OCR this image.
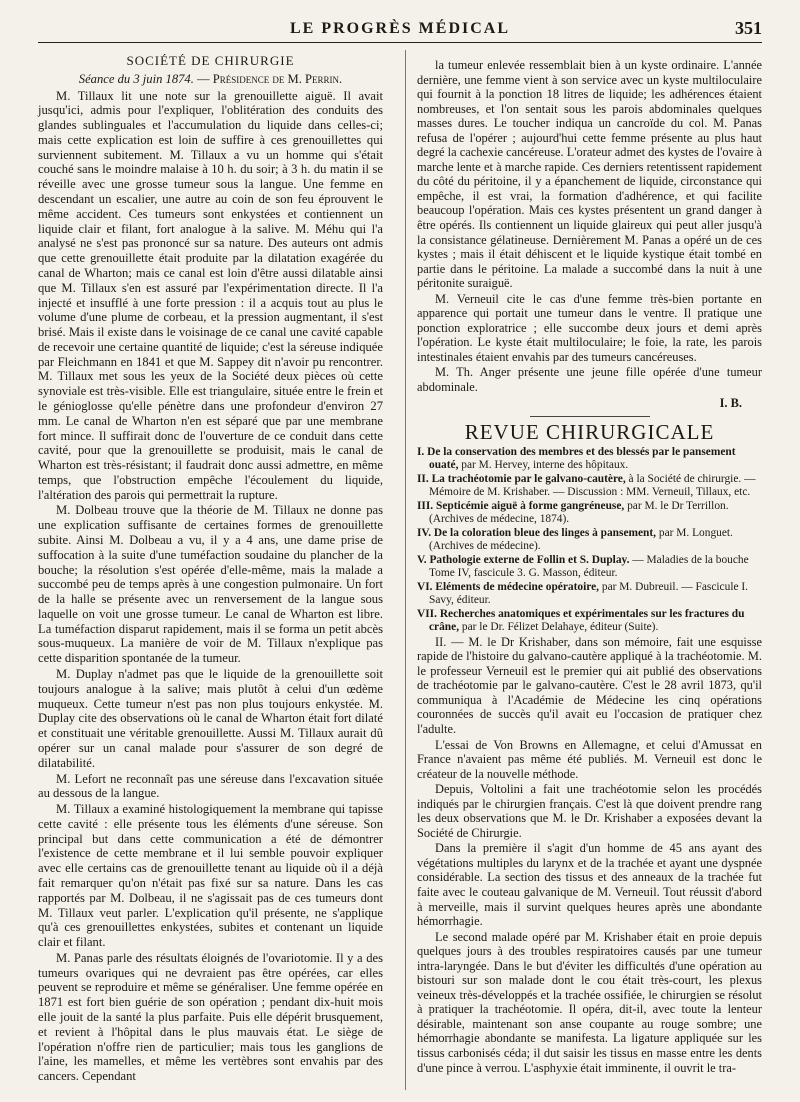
LE PROGRÈS MÉDICAL	351

SOCIÉTÉ DE CHIRURGIE

Séance du 3 juin 1874. — Présidence de M. Perrin.

M. Tillaux lit une note sur la grenouillette aiguë. Il avait jusqu'ici, admis pour l'expliquer, l'oblitération des conduits des glandes sublinguales et l'accumulation du liquide dans celles-ci; mais cette explication est loin de suffire à ces grenouillettes qui surviennent subitement. M. Tillaux a vu un homme qui s'était couché sans le moindre malaise à 10 h. du soir; à 3 h. du matin il se réveille avec une grosse tumeur sous la langue. Une femme en descendant un escalier, une autre au coin de son feu éprouvent le même accident. Ces tumeurs sont enkystées et contiennent un liquide clair et filant, fort analogue à la salive. M. Méhu qui l'a analysé ne s'est pas prononcé sur sa nature. Des auteurs ont admis que cette grenouillette était produite par la dilatation exagérée du canal de Wharton; mais ce canal est loin d'être aussi dilatable ainsi que M. Tillaux s'en est assuré par l'expérimentation directe. Il l'a injecté et insufflé à une forte pression : il a acquis tout au plus le volume d'une plume de corbeau, et la pression augmentant, il s'est brisé. Mais il existe dans le voisinage de ce canal une cavité capable de recevoir une certaine quantité de liquide; c'est la séreuse indiquée par Fleichmann en 1841 et que M. Sappey dit n'avoir pu rencontrer. M. Tillaux met sous les yeux de la Société deux pièces où cette synoviale est très-visible. Elle est triangulaire, située entre le frein et le génioglosse qu'elle pénètre dans une profondeur d'environ 27 mm. Le canal de Wharton n'en est séparé que par une membrane fort mince. Il suffirait donc de l'ouverture de ce conduit dans cette cavité, pour que la grenouillette se produisit, mais le canal de Wharton est très-résistant; il faudrait donc aussi admettre, en même temps, que l'obstruction empêche l'écoulement du liquide, l'altération des parois qui permettrait la rupture.

M. Dolbeau trouve que la théorie de M. Tillaux ne donne pas une explication suffisante de certaines formes de grenouillette subite. Ainsi M. Dolbeau a vu, il y a 4 ans, une dame prise de suffocation à la suite d'une tuméfaction soudaine du plancher de la bouche; la résolution s'est opérée d'elle-même, mais la malade a succombé peu de temps après à une congestion pulmonaire. Un fort de la halle se présente avec un renversement de la langue sous laquelle on voit une grosse tumeur. Le canal de Wharton est libre. La tuméfaction disparut rapidement, mais il se forma un petit abcès sous-muqueux. La manière de voir de M. Tillaux n'explique pas cette disparition spontanée de la tumeur.

M. Duplay n'admet pas que le liquide de la grenouillette soit toujours analogue à la salive; mais plutôt à celui d'un œdème muqueux. Cette tumeur n'est pas non plus toujours enkystée. M. Duplay cite des observations où le canal de Wharton était fort dilaté et constituait une véritable grenouillette. Aussi M. Tillaux aurait dû opérer sur un canal malade pour s'assurer de son degré de dilatabilité.

M. Lefort ne reconnaît pas une séreuse dans l'excavation située au dessous de la langue.

M. Tillaux a examiné histologiquement la membrane qui tapisse cette cavité : elle présente tous les éléments d'une séreuse. Son principal but dans cette communication a été de démontrer l'existence de cette membrane et il lui semble pouvoir expliquer avec elle certains cas de grenouillette tenant au liquide où il a déjà fait remarquer qu'on n'était pas fixé sur sa nature. Dans les cas rapportés par M. Dolbeau, il ne s'agissait pas de ces tumeurs dont M. Tillaux veut parler. L'explication qu'il présente, ne s'applique qu'à ces grenouillettes enkystées, subites et contenant un liquide clair et filant.

M. Panas parle des résultats éloignés de l'ovariotomie. Il y a des tumeurs ovariques qui ne devraient pas être opérées, car elles peuvent se reproduire et même se généraliser. Une femme opérée en 1871 est fort bien guérie de son opération ; pendant dix-huit mois elle jouit de la santé la plus parfaite. Puis elle dépérit brusquement, et revient à l'hôpital dans le plus mauvais état. Le siège de l'opération n'offre rien de particulier; mais tous les ganglions de l'aine, les mamelles, et même les vertèbres sont envahis par des cancers. Cependant

la tumeur enlevée ressemblait bien à un kyste ordinaire. L'année dernière, une femme vient à son service avec un kyste multiloculaire qui fournit à la ponction 18 litres de liquide; les adhérences étaient nombreuses, et l'on sentait sous les parois abdominales quelques masses dures. Le toucher indiqua un cancroïde du col. M. Panas refusa de l'opérer ; aujourd'hui cette femme présente au plus haut degré la cachexie cancéreuse. L'orateur admet des kystes de l'ovaire à marche lente et à marche rapide. Ces derniers retentissent rapidement du côté du péritoine, il y a épanchement de liquide, circonstance qui empêche, il est vrai, la formation d'adhérence, et qui facilite beaucoup l'opération. Mais ces kystes présentent un grand danger à être opérés. Ils contiennent un liquide glaireux qui peut aller jusqu'à la consistance gélatineuse. Dernièrement M. Panas a opéré un de ces kystes ; mais il était déhiscent et le liquide kystique était tombé en partie dans le péritoine. La malade a succombé dans la nuit à une péritonite suraiguë.

M. Verneuil cite le cas d'une femme très-bien portante en apparence qui portait une tumeur dans le ventre. Il pratique une ponction exploratrice ; elle succombe deux jours et demi après l'opération. Le kyste était multiloculaire; le foie, la rate, les parois intestinales étaient envahis par des tumeurs cancéreuses.

M. Th. Anger présente une jeune fille opérée d'une tumeur abdominale.

I. B.

REVUE CHIRURGICALE

I. De la conservation des membres et des blessés par le pansement ouaté, par M. Hervey, interne des hôpitaux.

II. La trachéotomie par le galvano-cautère, à la Société de chirurgie. — Mémoire de M. Krishaber. — Discussion : MM. Verneuil, Tillaux, etc.

III. Septicémie aiguë à forme gangréneuse, par M. le Dr Terrillon. (Archives de médecine, 1874).

IV. De la coloration bleue des linges à pansement, par M. Longuet. (Archives de médecine).

V. Pathologie externe de Follin et S. Duplay. — Maladies de la bouche Tome IV, fascicule 3. G. Masson, éditeur.

VI. Eléments de médecine opératoire, par M. Dubreuil. — Fascicule I. Savy, éditeur.

VII. Recherches anatomiques et expérimentales sur les fractures du crâne, par le Dr. Félizet Delahaye, éditeur (Suite).

II. — M. le Dr Krishaber, dans son mémoire, fait une esquisse rapide de l'histoire du galvano-cautère appliqué à la trachéotomie. M. le professeur Verneuil est le premier qui ait publié des observations de trachéotomie par le galvano-cautère. C'est le 28 avril 1873, qu'il communiqua à l'Académie de Médecine les cinq opérations couronnées de succès qu'il avait eu l'occasion de pratiquer chez l'adulte.

L'essai de Von Browns en Allemagne, et celui d'Amussat en France n'avaient pas même été publiés. M. Verneuil est donc le créateur de la nouvelle méthode.

Depuis, Voltolini a fait une trachéotomie selon les procédés indiqués par le chirurgien français. C'est là que doivent prendre rang les deux observations que M. le Dr. Krishaber a exposées devant la Société de Chirurgie.

Dans la première il s'agit d'un homme de 45 ans ayant des végétations multiples du larynx et de la trachée et ayant une dyspnée considérable. La section des tissus et des anneaux de la trachée fut faite avec le couteau galvanique de M. Verneuil. Tout réussit d'abord à merveille, mais il survint quelques heures après une abondante hémorrhagie.

Le second malade opéré par M. Krishaber était en proie depuis quelques jours à des troubles respiratoires causés par une tumeur intra-laryngée. Dans le but d'éviter les difficultés d'une opération au bistouri sur son malade dont le cou était très-court, les plexus veineux très-développés et la trachée ossifiée, le chirurgien se résolut à pratiquer la trachéotomie. Il opéra, dit-il, avec toute la lenteur désirable, maintenant son anse coupante au rouge sombre; une hémorrhagie abondante se manifesta. La ligature appliquée sur les tissus carbonisés céda; il dut saisir les tissus en masse entre les dents d'une pince à verrou. L'asphyxie était imminente, il ouvrit le tra-
